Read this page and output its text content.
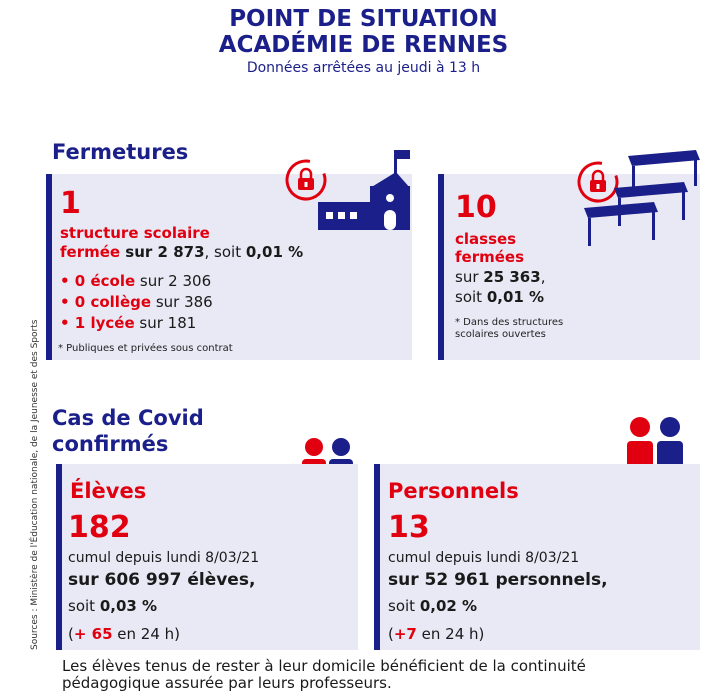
POINT DE SITUATION
ACADÉMIE DE RENNES
Données arrêtées au jeudi à 13 h
Fermetures
1
structure scolaire
fermée sur 2 873, soit 0,01 %
• 0 école sur 2 306
• 0 collège sur 386
• 1 lycée sur 181
* Publiques et privées sous contrat
10
classes
fermées
sur 25 363,
soit 0,01 %
* Dans des structures
scolaires ouvertes
Cas de Covid
confirmés
Élèves
182
cumul depuis lundi 8/03/21
sur 606 997 élèves,
soit 0,03 %
(+ 65 en 24 h)
Personnels
13
cumul depuis lundi 8/03/21
sur 52 961 personnels,
soit 0,02 %
(+7 en 24 h)
Les élèves tenus de rester à leur domicile bénéficient de la continuité
pédagogique assurée par leurs professeurs.
Sources : Ministère de l'Éducation nationale, de la Jeunesse et des Sports
